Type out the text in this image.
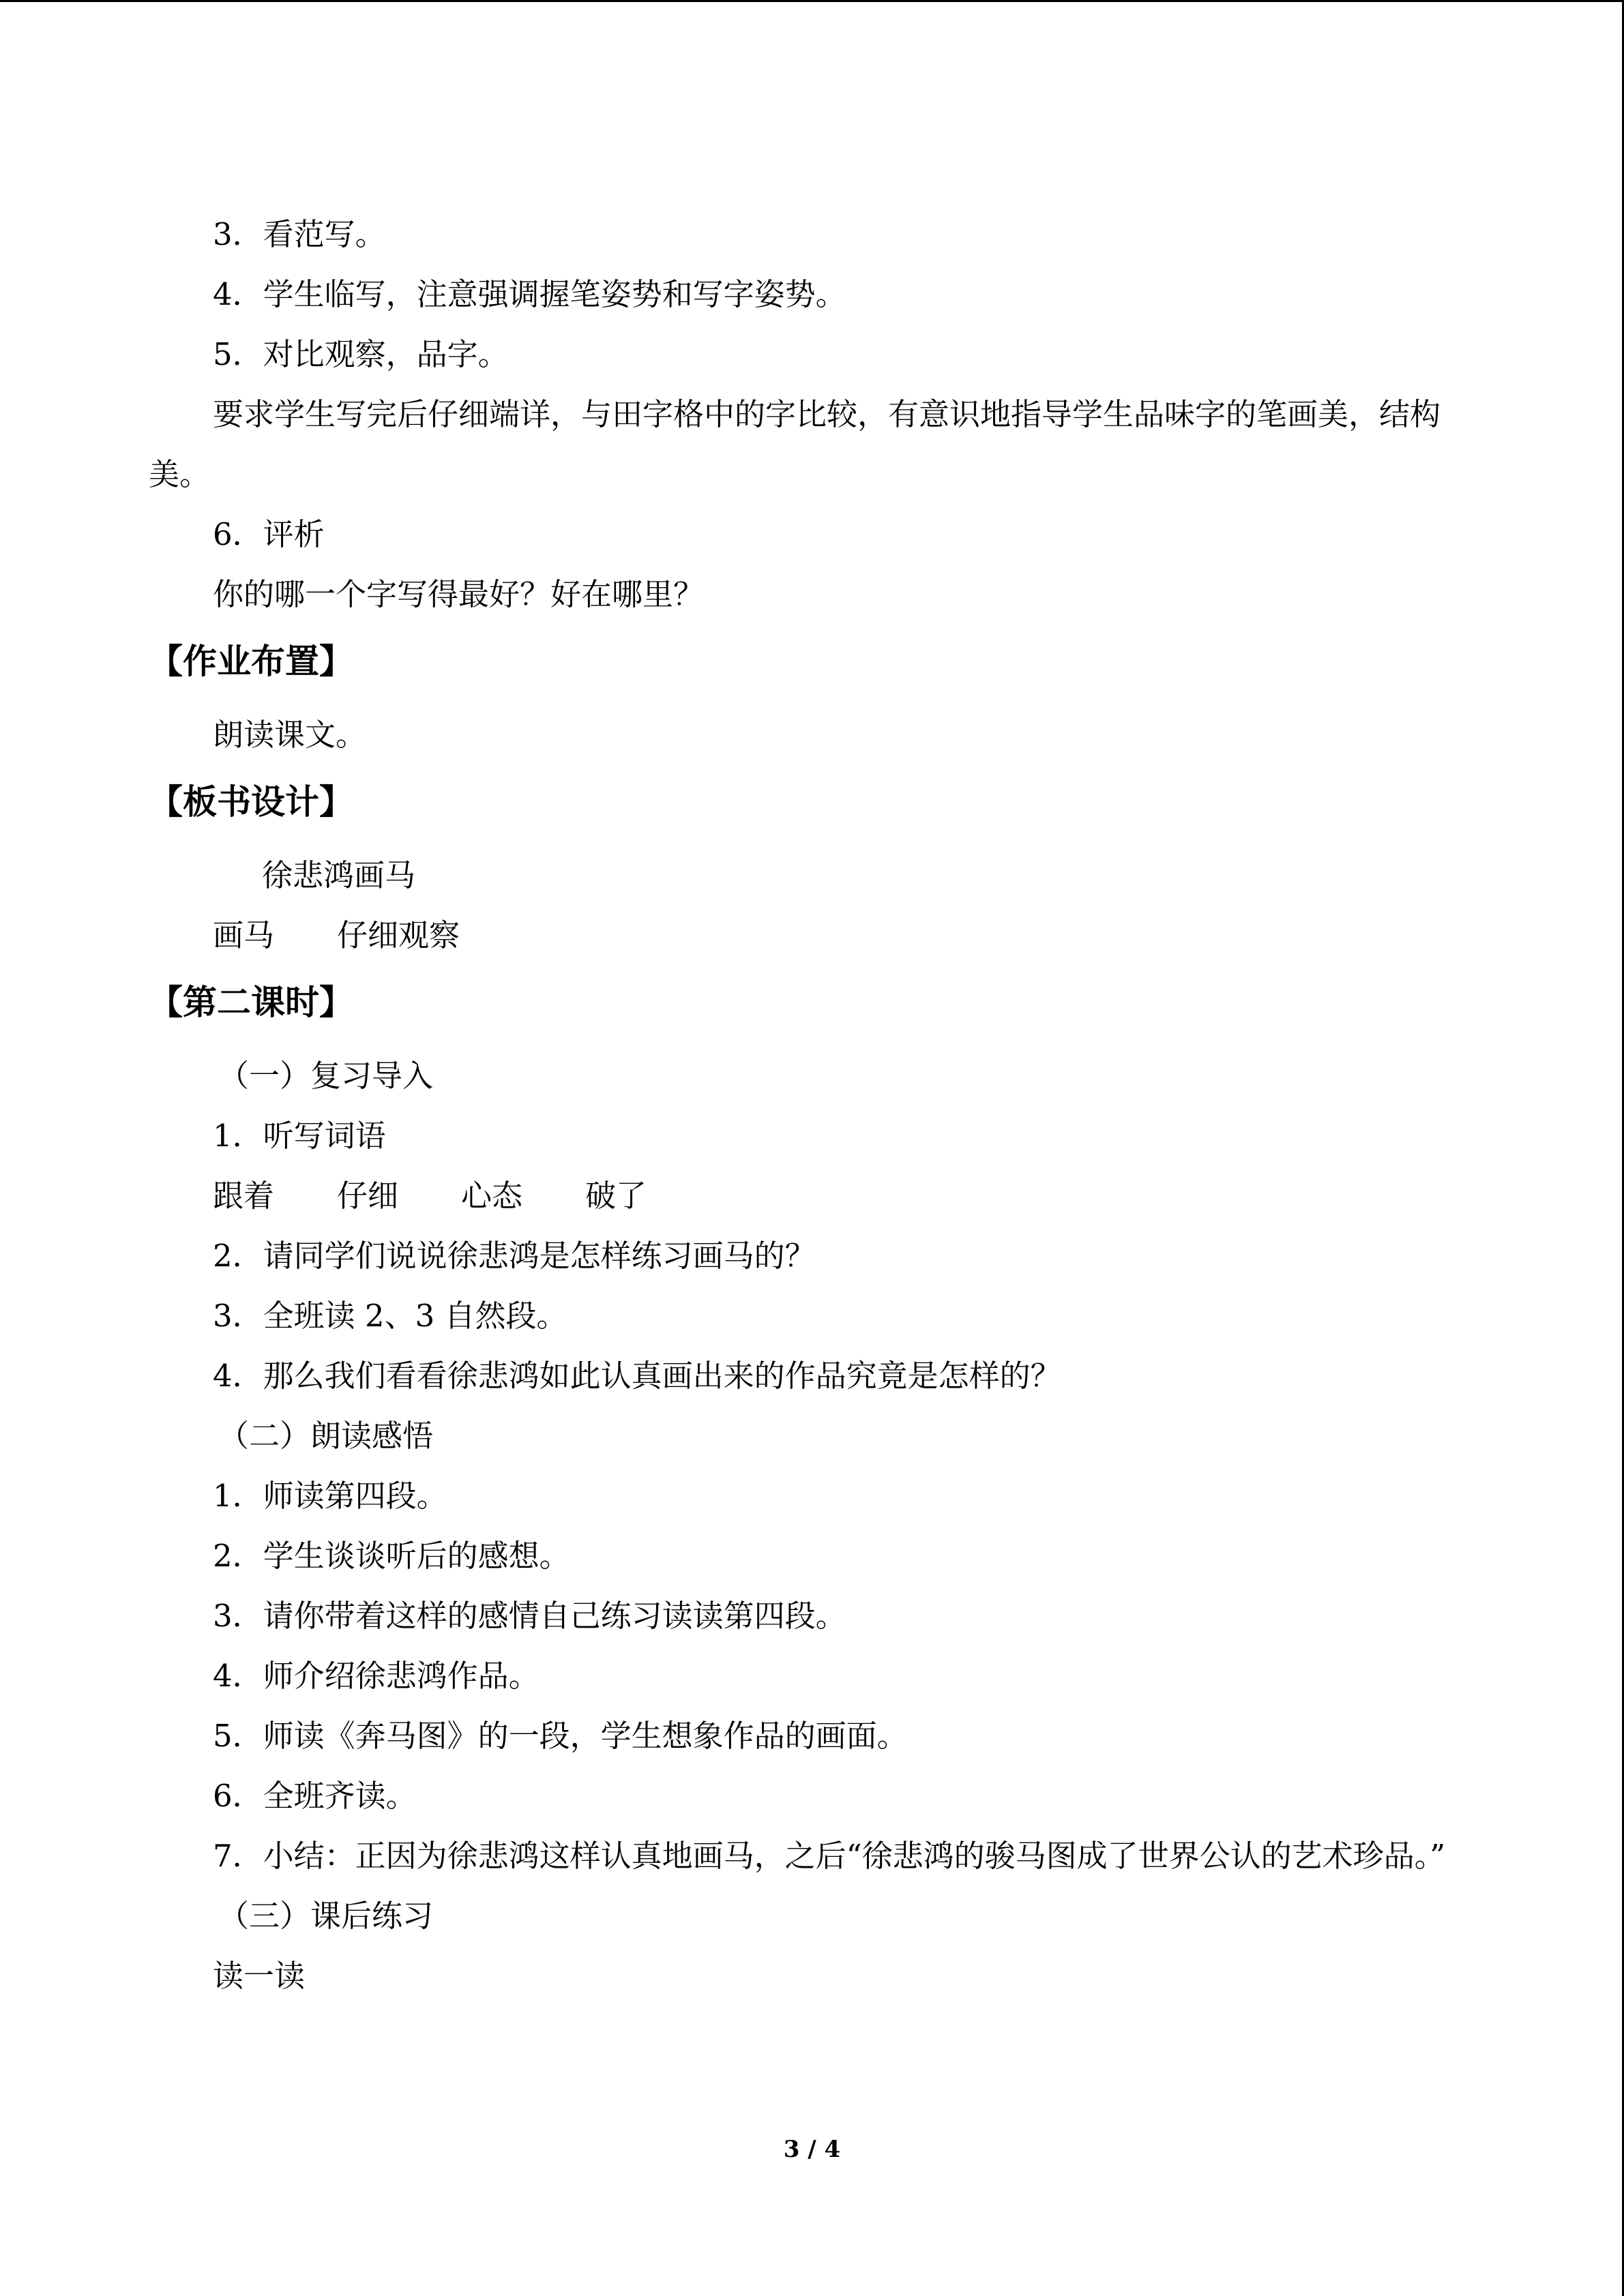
3．看范写。
4．学生临写，注意强调握笔姿势和写字姿势。
5．对比观察，品字。
要求学生写完后仔细端详，与田字格中的字比较，有意识地指导学生品味字的笔画美，结构美。
6．评析
你的哪一个字写得最好？好在哪里？
【作业布置】
朗读课文。
【板书设计】
徐悲鸿画马
画马 仔细观察
【第二课时】
（一）复习导入
1．听写词语
跟着 仔细 心态 破了
2．请同学们说说徐悲鸿是怎样练习画马的？
3．全班读 2、3 自然段。
4．那么我们看看徐悲鸿如此认真画出来的作品究竟是怎样的？
（二）朗读感悟
1．师读第四段。
2．学生谈谈听后的感想。
3．请你带着这样的感情自己练习读读第四段。
4．师介绍徐悲鸿作品。
5．师读《奔马图》的一段，学生想象作品的画面。
6．全班齐读。
7．小结：正因为徐悲鸿这样认真地画马，之后“徐悲鸿的骏马图成了世界公认的艺术珍品。”
（三）课后练习
读一读
3 / 4
